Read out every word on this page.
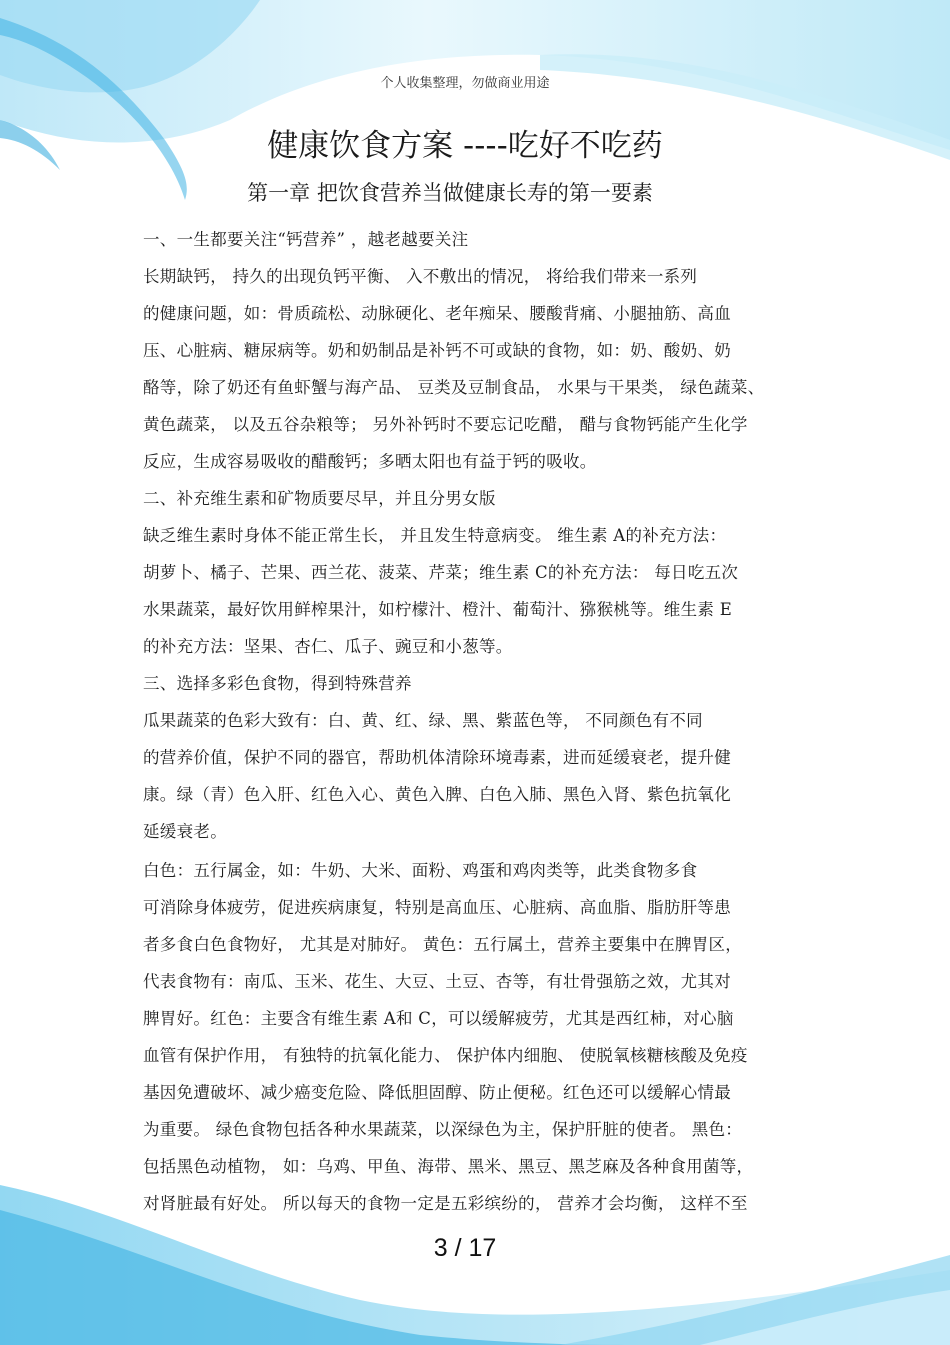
个人收集整理，勿做商业用途
健康饮食方案 ----吃好不吃药
第一章 把饮食营养当做健康长寿的第一要素
一、一生都要关注“钙营养” ，越老越要关注
长期缺钙， 持久的出现负钙平衡、 入不敷出的情况， 将给我们带来一系列
的健康问题，如：骨质疏松、动脉硬化、老年痴呆、腰酸背痛、小腿抽筋、高血
压、心脏病、糖尿病等。奶和奶制品是补钙不可或缺的食物，如：奶、酸奶、奶
酪等，除了奶还有鱼虾蟹与海产品、 豆类及豆制食品， 水果与干果类， 绿色蔬菜、
黄色蔬菜， 以及五谷杂粮等； 另外补钙时不要忘记吃醋， 醋与食物钙能产生化学
反应，生成容易吸收的醋酸钙；多晒太阳也有益于钙的吸收。
二、补充维生素和矿物质要尽早，并且分男女版
缺乏维生素时身体不能正常生长， 并且发生特意病变。 维生素 A的补充方法：
胡萝卜、橘子、芒果、西兰花、菠菜、芹菜；维生素 C的补充方法： 每日吃五次
水果蔬菜，最好饮用鲜榨果汁，如柠檬汁、橙汁、葡萄汁、猕猴桃等。维生素 E
的补充方法：坚果、杏仁、瓜子、豌豆和小葱等。
三、选择多彩色食物，得到特殊营养
瓜果蔬菜的色彩大致有：白、黄、红、绿、黑、紫蓝色等， 不同颜色有不同
的营养价值，保护不同的器官，帮助机体清除环境毒素，进而延缓衰老，提升健
康。绿（青）色入肝、红色入心、黄色入脾、白色入肺、黑色入肾、紫色抗氧化
延缓衰老。
白色：五行属金，如：牛奶、大米、面粉、鸡蛋和鸡肉类等，此类食物多食
可消除身体疲劳，促进疾病康复，特别是高血压、心脏病、高血脂、脂肪肝等患
者多食白色食物好， 尤其是对肺好。 黄色：五行属土，营养主要集中在脾胃区，
代表食物有：南瓜、玉米、花生、大豆、土豆、杏等，有壮骨强筋之效，尤其对
脾胃好。红色：主要含有维生素 A和 C，可以缓解疲劳，尤其是西红柿，对心脑
血管有保护作用， 有独特的抗氧化能力、 保护体内细胞、 使脱氧核糖核酸及免疫
基因免遭破坏、减少癌变危险、降低胆固醇、防止便秘。红色还可以缓解心情最
为重要。 绿色食物包括各种水果蔬菜，以深绿色为主，保护肝脏的使者。 黑色：
包括黑色动植物， 如：乌鸡、甲鱼、海带、黑米、黑豆、黑芝麻及各种食用菌等，
对肾脏最有好处。 所以每天的食物一定是五彩缤纷的， 营养才会均衡， 这样不至
3 / 17
